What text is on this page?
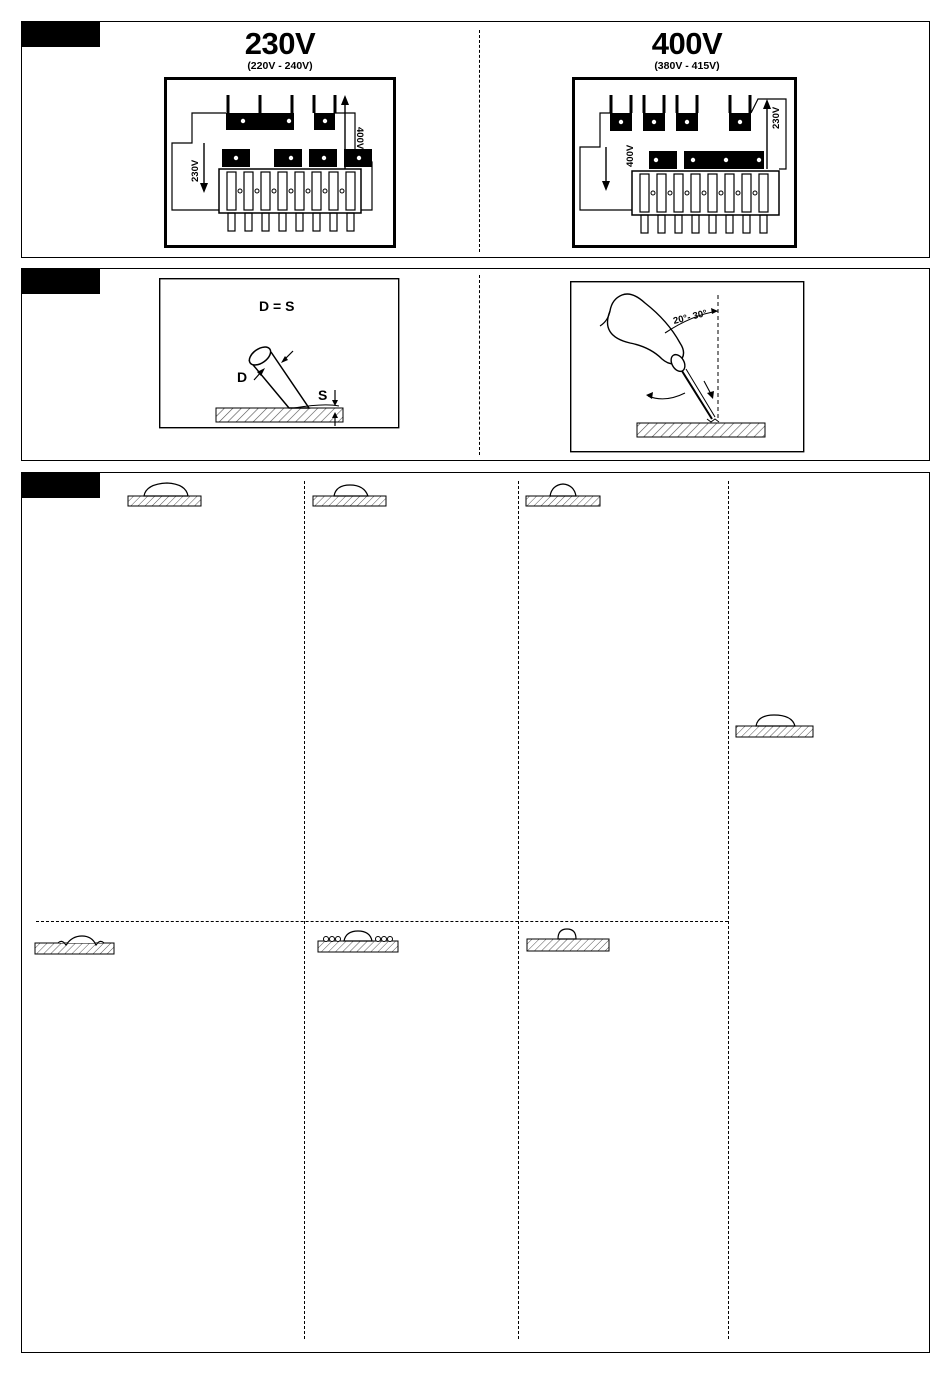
230V
(220V - 240V)
400V
(380V - 415V)
400V
230V
230V
400V
D = S
D
S
20°- 30°
